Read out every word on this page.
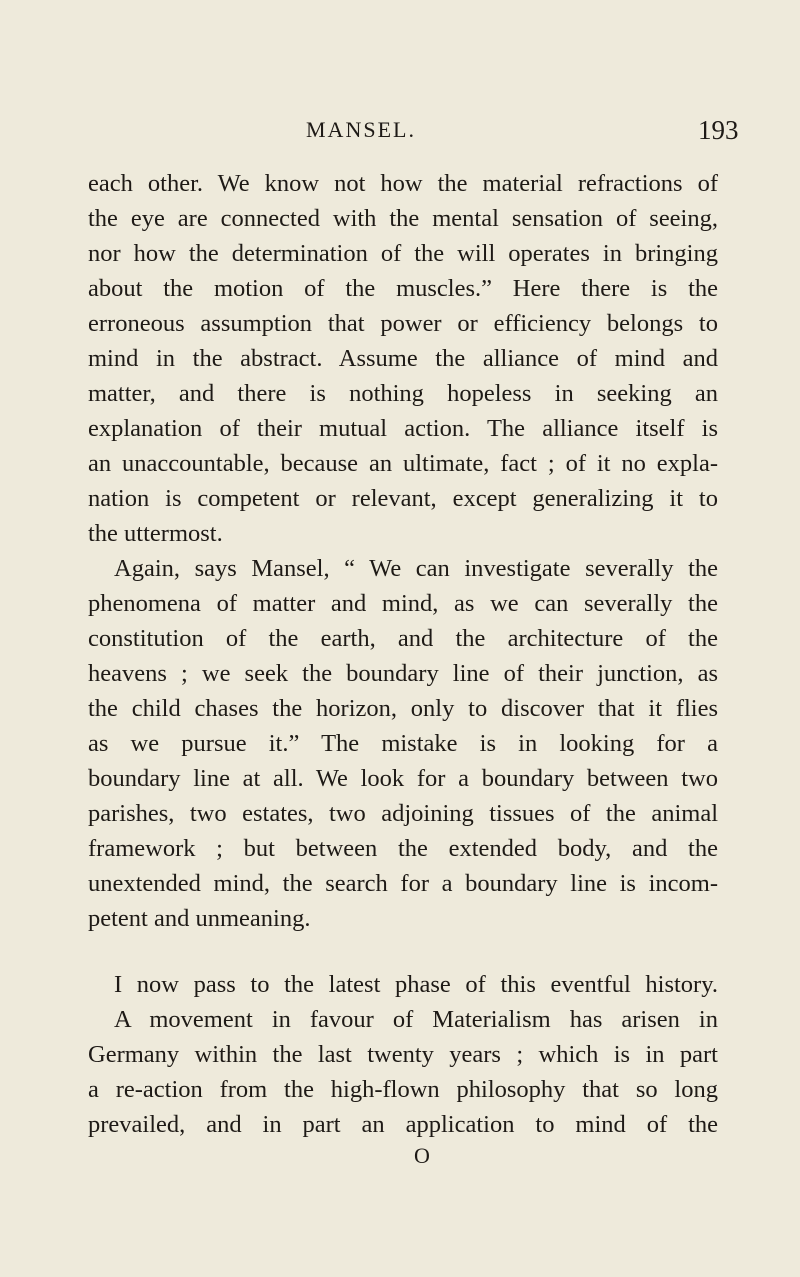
MANSEL.	193
each other. We know not how the material refractions of
the eye are connected with the mental sensation of seeing,
nor how the determination of the will operates in bringing
about the motion of the muscles.” Here there is the
erroneous assumption that power or efficiency belongs to
mind in the abstract. Assume the alliance of mind and
matter, and there is nothing hopeless in seeking an
explanation of their mutual action. The alliance itself is
an unaccountable, because an ultimate, fact ; of it no expla-
nation is competent or relevant, except generalizing it to
the uttermost.
Again, says Mansel, “ We can investigate severally the
phenomena of matter and mind, as we can severally the
constitution of the earth, and the architecture of the
heavens ; we seek the boundary line of their junction, as
the child chases the horizon, only to discover that it flies
as we pursue it.” The mistake is in looking for a
boundary line at all. We look for a boundary between two
parishes, two estates, two adjoining tissues of the animal
framework ; but between the extended body, and the
unextended mind, the search for a boundary line is incom-
petent and unmeaning.
I now pass to the latest phase of this eventful history.
A movement in favour of Materialism has arisen in
Germany within the last twenty years ; which is in part
a re-action from the high-flown philosophy that so long
prevailed, and in part an application to mind of the
O
